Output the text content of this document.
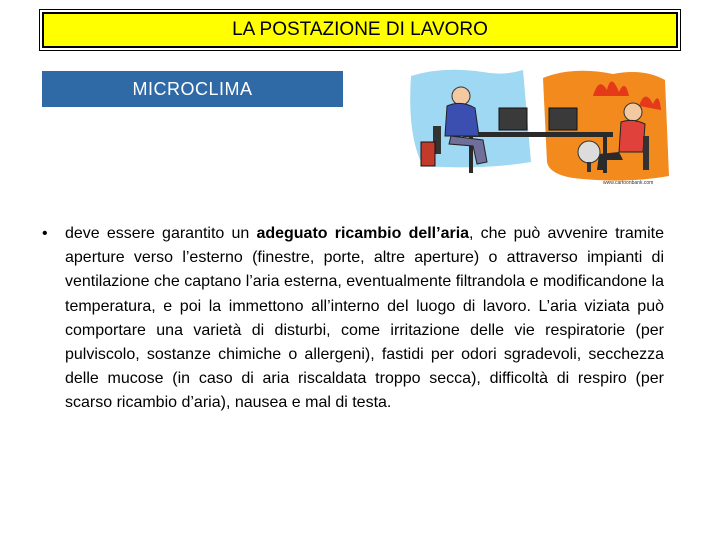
LA POSTAZIONE DI LAVORO
MICROCLIMA
www.cartoonbank.com
• deve essere garantito un adeguato ricambio dell’aria, che può avvenire tramite aperture verso l’esterno (finestre, porte, altre aperture) o attraverso impianti di ventilazione che captano l’aria esterna, eventualmente filtrandola e modificandone la temperatura, e poi la immettono all’interno del luogo di lavoro. L’aria viziata può comportare una varietà di disturbi, come irritazione delle vie respiratorie (per pulviscolo, sostanze chimiche o allergeni), fastidi per odori sgradevoli, secchezza delle mucose (in caso di aria riscaldata troppo secca), difficoltà di respiro (per scarso ricambio d’aria), nausea e mal di testa.
